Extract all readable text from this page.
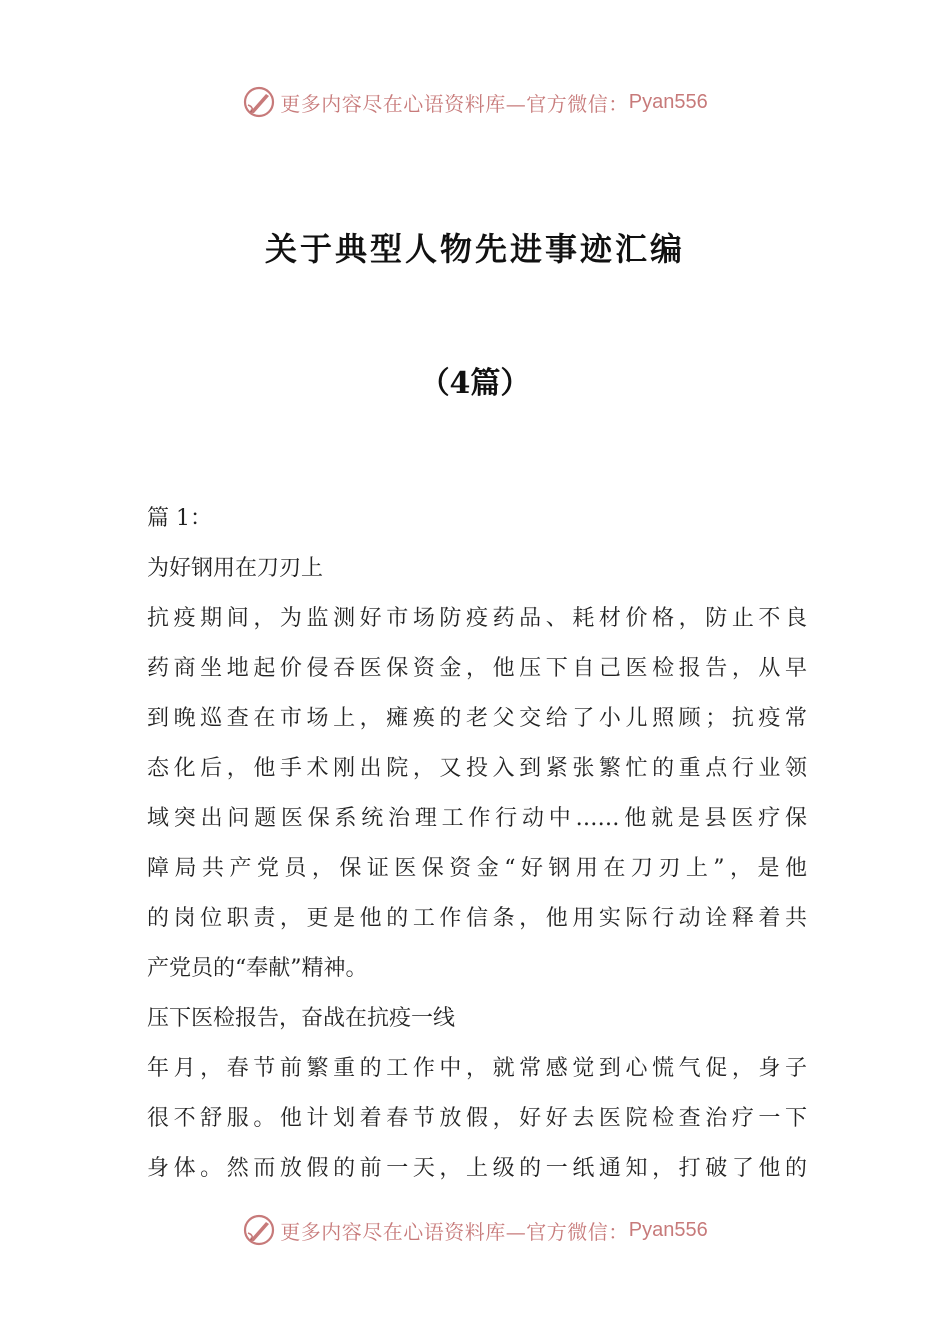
更多内容尽在心语资料库—官方微信： Pyan556
关于典型人物先进事迹汇编
（4篇）
篇 1：
为好钢用在刀刃上
抗疫期间，为监测好市场防疫药品、耗材价格，防止不良
药商坐地起价侵吞医保资金，他压下自己医检报告，从早
到晚巡查在市场上，瘫痪的老父交给了小儿照顾；抗疫常
态化后，他手术刚出院，又投入到紧张繁忙的重点行业领
域突出问题医保系统治理工作行动中……他就是县医疗保
障局共产党员，保证医保资金“好钢用在刀刃上”，是他
的岗位职责，更是他的工作信条，他用实际行动诠释着共
产党员的“奉献”精神。
压下医检报告，奋战在抗疫一线
年月，春节前繁重的工作中，就常感觉到心慌气促，身子
很不舒服。他计划着春节放假，好好去医院检查治疗一下
身体。然而放假的前一天，上级的一纸通知，打破了他的
更多内容尽在心语资料库—官方微信： Pyan556
